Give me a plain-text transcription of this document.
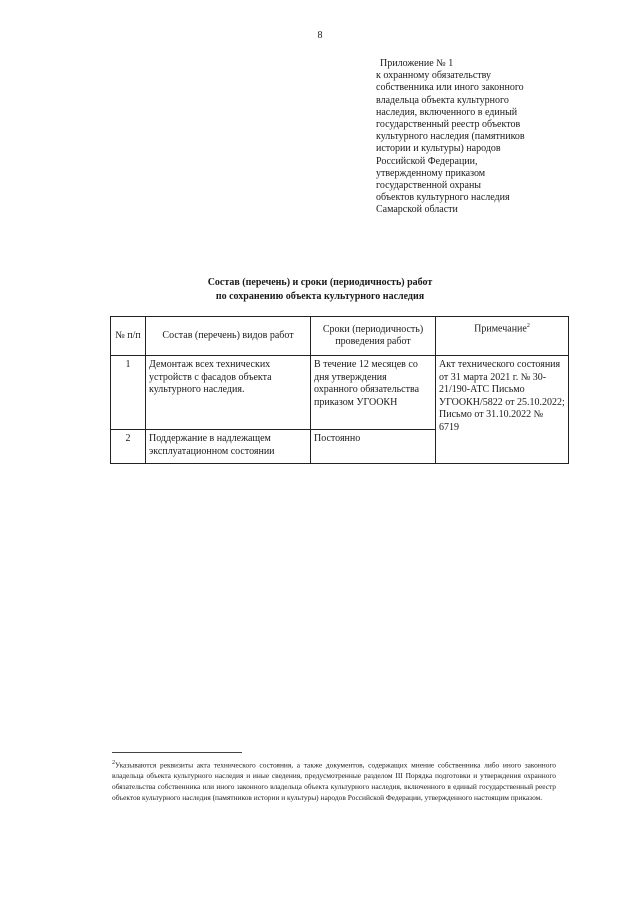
8
Приложение № 1
к охранному обязательству
собственника или иного законного
владельца объекта культурного
наследия, включенного в единый
государственный реестр объектов
культурного наследия (памятников
истории и культуры) народов
Российской Федерации,
утвержденному приказом
государственной охраны
объектов культурного наследия
Самарской области
Состав (перечень) и сроки (периодичность) работ
по сохранению объекта культурного наследия
№ п/п	Состав (перечень) видов работ	Сроки (периодичность) проведения работ	Примечание$^2$
1	Демонтаж всех технических устройств с фасадов объекта культурного наследия.	В течение 12 месяцев со дня утверждения охранного обязательства приказом УГООКН	Акт технического состояния от 31 марта 2021 г. № 30-21/190-АТС Письмо УГООКН/5822 от 25.10.2022; Письмо от 31.10.2022 № 6719
2	Поддержание в надлежащем эксплуатационном состоянии	Постоянно	
$^2$Указываются реквизиты акта технического состояния, а также документов, содержащих мнение собственника либо иного законного владельца объекта культурного наследия и иные сведения, предусмотренные разделом III Порядка подготовки и утверждения охранного обязательства собственника или иного законного владельца объекта культурного наследия, включенного в единый государственный реестр объектов культурного наследия (памятников истории и культуры) народов Российской Федерации, утвержденного настоящим приказом.
